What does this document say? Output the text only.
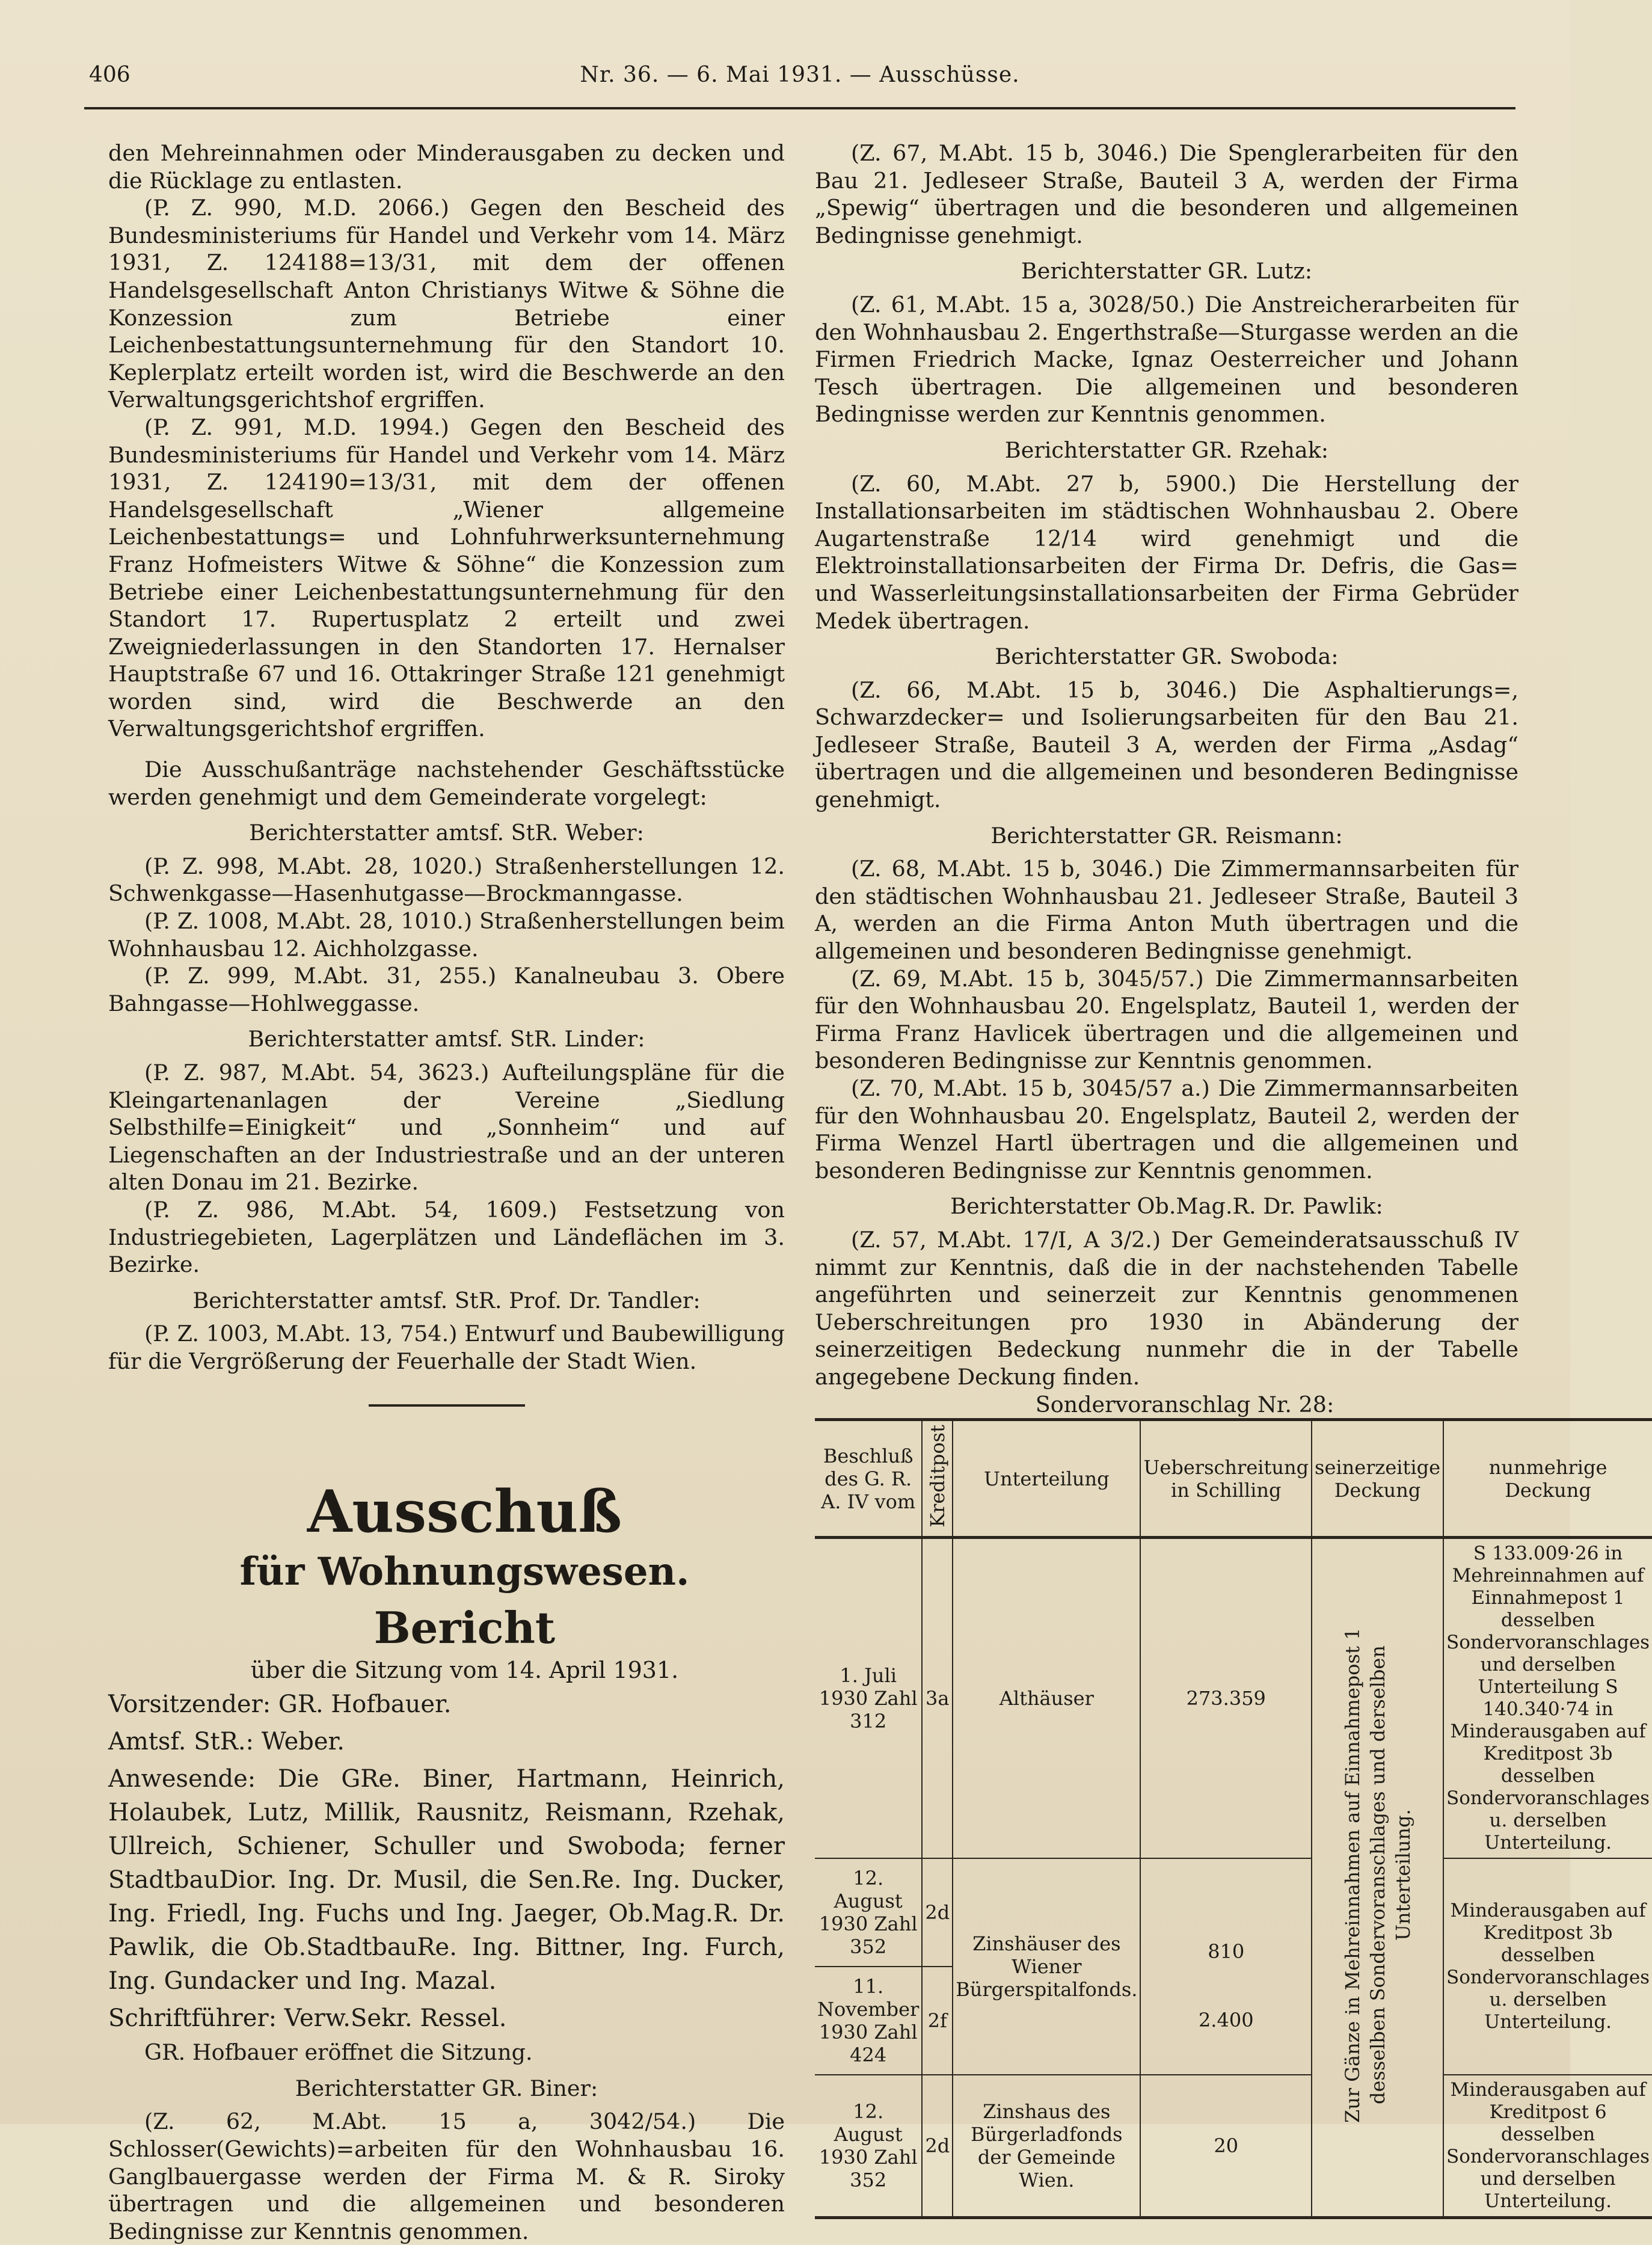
406	Nr. 36. — 6. Mai 1931. — Ausschüsse.

den Mehreinnahmen oder Minderausgaben zu decken und die Rücklage zu entlasten.

(P. Z. 990, M.D. 2066.) Gegen den Bescheid des Bundesministeriums für Handel und Verkehr vom 14. März 1931, Z. 124188=13/31, mit dem der offenen Handelsgesellschaft Anton Christianys Witwe & Söhne die Konzession zum Betriebe einer Leichenbestattungsunternehmung für den Standort 10. Keplerplatz erteilt worden ist, wird die Beschwerde an den Verwaltungsgerichtshof ergriffen.

(P. Z. 991, M.D. 1994.) Gegen den Bescheid des Bundesministeriums für Handel und Verkehr vom 14. März 1931, Z. 124190=13/31, mit dem der offenen Handelsgesellschaft „Wiener allgemeine Leichenbestattungs= und Lohnfuhrwerksunternehmung Franz Hofmeisters Witwe & Söhne“ die Konzession zum Betriebe einer Leichenbestattungsunternehmung für den Standort 17. Rupertusplatz 2 erteilt und zwei Zweigniederlassungen in den Standorten 17. Hernalser Hauptstraße 67 und 16. Ottakringer Straße 121 genehmigt worden sind, wird die Beschwerde an den Verwaltungsgerichtshof ergriffen.

Die Ausschußanträge nachstehender Geschäftsstücke werden genehmigt und dem Gemeinderate vorgelegt:

Berichterstatter amtsf. StR. Weber:

(P. Z. 998, M.Abt. 28, 1020.) Straßenherstellungen 12. Schwenkgasse—Hasenhutgasse—Brockmanngasse.

(P. Z. 1008, M.Abt. 28, 1010.) Straßenherstellungen beim Wohnhausbau 12. Aichholzgasse.

(P. Z. 999, M.Abt. 31, 255.) Kanalneubau 3. Obere Bahngasse—Hohlweggasse.

Berichterstatter amtsf. StR. Linder:

(P. Z. 987, M.Abt. 54, 3623.) Aufteilungspläne für die Kleingartenanlagen der Vereine „Siedlung Selbsthilfe=Einigkeit“ und „Sonnheim“ und auf Liegenschaften an der Industriestraße und an der unteren alten Donau im 21. Bezirke.

(P. Z. 986, M.Abt. 54, 1609.) Festsetzung von Industriegebieten, Lagerplätzen und Ländeflächen im 3. Bezirke.

Berichterstatter amtsf. StR. Prof. Dr. Tandler:

(P. Z. 1003, M.Abt. 13, 754.) Entwurf und Baubewilligung für die Vergrößerung der Feuerhalle der Stadt Wien.

Ausschuß

für Wohnungswesen.

Bericht

über die Sitzung vom 14. April 1931.

Vorsitzender: GR. Hofbauer.

Amtsf. StR.: Weber.

Anwesende: Die GRe. Biner, Hartmann, Heinrich, Holaubek, Lutz, Millik, Rausnitz, Reismann, Rzehak, Ullreich, Schiener, Schuller und Swoboda; ferner StadtbauDior. Ing. Dr. Musil, die Sen.Re. Ing. Ducker, Ing. Friedl, Ing. Fuchs und Ing. Jaeger, Ob.Mag.R. Dr. Pawlik, die Ob.StadtbauRe. Ing. Bittner, Ing. Furch, Ing. Gundacker und Ing. Mazal.

Schriftführer: Verw.Sekr. Ressel.

GR. Hofbauer eröffnet die Sitzung.

Berichterstatter GR. Biner:

(Z. 62, M.Abt. 15 a, 3042/54.) Die Schlosser(Gewichts)=arbeiten für den Wohnhausbau 16. Ganglbauergasse werden der Firma M. & R. Siroky übertragen und die allgemeinen und besonderen Bedingnisse zur Kenntnis genommen.

(Z. 67, M.Abt. 15 b, 3046.) Die Spenglerarbeiten für den Bau 21. Jedleseer Straße, Bauteil 3 A, werden der Firma „Spewig“ übertragen und die besonderen und allgemeinen Bedingnisse genehmigt.

Berichterstatter GR. Lutz:

(Z. 61, M.Abt. 15 a, 3028/50.) Die Anstreicherarbeiten für den Wohnhausbau 2. Engerthstraße—Sturgasse werden an die Firmen Friedrich Macke, Ignaz Oesterreicher und Johann Tesch übertragen. Die allgemeinen und besonderen Bedingnisse werden zur Kenntnis genommen.

Berichterstatter GR. Rzehak:

(Z. 60, M.Abt. 27 b, 5900.) Die Herstellung der Installationsarbeiten im städtischen Wohnhausbau 2. Obere Augartenstraße 12/14 wird genehmigt und die Elektroinstallationsarbeiten der Firma Dr. Defris, die Gas= und Wasserleitungsinstallationsarbeiten der Firma Gebrüder Medek übertragen.

Berichterstatter GR. Swoboda:

(Z. 66, M.Abt. 15 b, 3046.) Die Asphaltierungs=, Schwarzdecker= und Isolierungsarbeiten für den Bau 21. Jedleseer Straße, Bauteil 3 A, werden der Firma „Asdag“ übertragen und die allgemeinen und besonderen Bedingnisse genehmigt.

Berichterstatter GR. Reismann:

(Z. 68, M.Abt. 15 b, 3046.) Die Zimmermannsarbeiten für den städtischen Wohnhausbau 21. Jedleseer Straße, Bauteil 3 A, werden an die Firma Anton Muth übertragen und die allgemeinen und besonderen Bedingnisse genehmigt.

(Z. 69, M.Abt. 15 b, 3045/57.) Die Zimmermannsarbeiten für den Wohnhausbau 20. Engelsplatz, Bauteil 1, werden der Firma Franz Havlicek übertragen und die allgemeinen und besonderen Bedingnisse zur Kenntnis genommen.

(Z. 70, M.Abt. 15 b, 3045/57 a.) Die Zimmermannsarbeiten für den Wohnhausbau 20. Engelsplatz, Bauteil 2, werden der Firma Wenzel Hartl übertragen und die allgemeinen und besonderen Bedingnisse zur Kenntnis genommen.

Berichterstatter Ob.Mag.R. Dr. Pawlik:

(Z. 57, M.Abt. 17/I, A 3/2.) Der Gemeinderatsausschuß IV nimmt zur Kenntnis, daß die in der nachstehenden Tabelle angeführten und seinerzeit zur Kenntnis genommenen Ueberschreitungen pro 1930 in Abänderung der seinerzeitigen Bedeckung nunmehr die in der Tabelle angegebene Deckung finden.

Sondervoranschlag Nr. 28:

Beschluß des G. R. A. IV vom	Kreditpost	Unterteilung	Ueberschreitung in Schilling	seinerzeitige Deckung	nunmehrige Deckung
1. Juli 1930 Zahl 312	3a	Althäuser	273.359	Zur Gänze in Mehreinnahmen auf Einnahmepost 1 desselben Sondervoranschlages und derselben Unterteilung.	S 133.009·26 in Mehreinnahmen auf Einnahmepost 1 desselben Sondervoranschlages und derselben Unterteilung S 140.340·74 in Minderausgaben auf Kreditpost 3b desselben Sondervoranschlages u. derselben Unterteilung.
12. August 1930 Zahl 352	2d	Zinshäuser des Wiener Bürgerspitalfonds.	810		Minderausgaben auf Kreditpost 3b desselben Sondervoranschlages u. derselben Unterteilung.
11. November 1930 Zahl 424	2f		2.400		
12. August 1930 Zahl 352	2d	Zinshaus des Bürgerladfonds der Gemeinde Wien.	20		Minderausgaben auf Kreditpost 6 desselben Sondervoranschlages und derselben Unterteilung.
